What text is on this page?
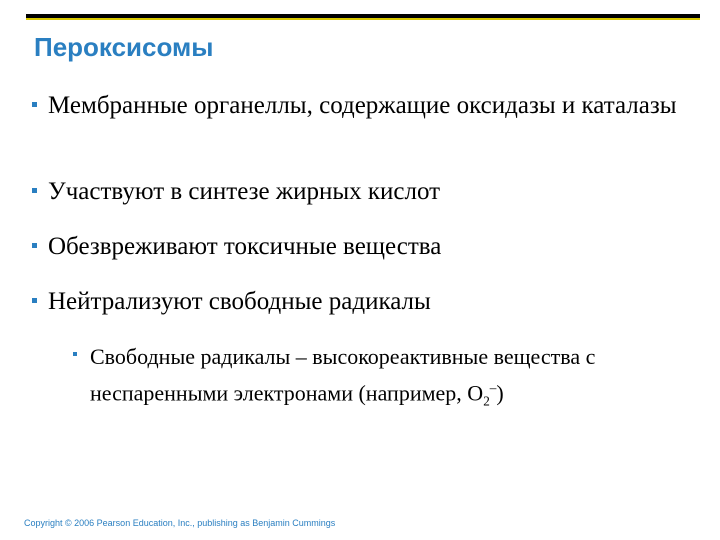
Пероксисомы
Мембранные органеллы, содержащие оксидазы и каталазы
Участвуют в синтезе жирных кислот
Обезвреживают токсичные вещества
Нейтрализуют свободные радикалы
Свободные радикалы – высокореактивные вещества с неспаренными электронами (например, $O_2^-$)
Copyright © 2006 Pearson Education, Inc., publishing as Benjamin Cummings
